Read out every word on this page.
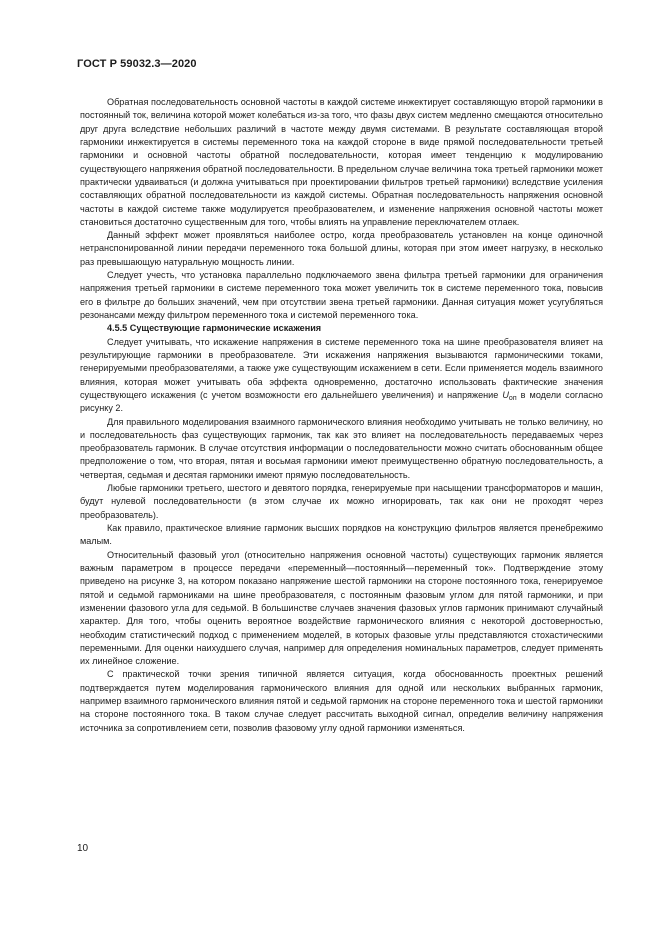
ГОСТ Р 59032.3—2020

Обратная последовательность основной частоты в каждой системе инжектирует составляющую второй гармоники в постоянный ток, величина которой может колебаться из-за того, что фазы двух систем медленно смещаются относительно друг друга вследствие небольших различий в частоте между двумя системами. В результате составляющая второй гармоники инжектируется в системы переменного тока на каждой стороне в виде прямой последовательности третьей гармоники и основной частоты обратной последовательности, которая имеет тенденцию к модулированию существующего напряжения обратной последовательности. В предельном случае величина тока третьей гармоники может практически удваиваться (и должна учитываться при проектировании фильтров третьей гармоники) вследствие усиления составляющих обратной последовательности из каждой системы. Обратная последовательность напряжения основной частоты в каждой системе также модулируется преобразователем, и изменение напряжения основной частоты может становиться достаточно существенным для того, чтобы влиять на управление переключателем отлаек.

Данный эффект может проявляться наиболее остро, когда преобразователь установлен на конце одиночной нетранспонированной линии передачи переменного тока большой длины, которая при этом имеет нагрузку, в несколько раз превышающую натуральную мощность линии.

Следует учесть, что установка параллельно подключаемого звена фильтра третьей гармоники для ограничения напряжения третьей гармоники в системе переменного тока может увеличить ток в системе переменного тока, повысив его в фильтре до больших значений, чем при отсутствии звена третьей гармоники. Данная ситуация может усугубляться резонансами между фильтром переменного тока и системой переменного тока.

4.5.5 Существующие гармонические искажения

Следует учитывать, что искажение напряжения в системе переменного тока на шине преобразователя влияет на результирующие гармоники в преобразователе. Эти искажения напряжения вызываются гармоническими токами, генерируемыми преобразователями, а также уже существующим искажением в сети. Если применяется модель взаимного влияния, которая может учитывать оба эффекта одновременно, достаточно использовать фактические значения существующего искажения (с учетом возможности его дальнейшего увеличения) и напряжение $U_{оп}$ в модели согласно рисунку 2.

Для правильного моделирования взаимного гармонического влияния необходимо учитывать не только величину, но и последовательность фаз существующих гармоник, так как это влияет на последовательность передаваемых через преобразователь гармоник. В случае отсутствия информации о последовательности можно считать обоснованным общее предположение о том, что вторая, пятая и восьмая гармоники имеют преимущественно обратную последовательность, а четвертая, седьмая и десятая гармоники имеют прямую последовательность.

Любые гармоники третьего, шестого и девятого порядка, генерируемые при насыщении трансформаторов и машин, будут нулевой последовательности (в этом случае их можно игнорировать, так как они не проходят через преобразователь).

Как правило, практическое влияние гармоник высших порядков на конструкцию фильтров является пренебрежимо малым.

Относительный фазовый угол (относительно напряжения основной частоты) существующих гармоник является важным параметром в процессе передачи «переменный—постоянный—переменный ток». Подтверждение этому приведено на рисунке 3, на котором показано напряжение шестой гармоники на стороне постоянного тока, генерируемое пятой и седьмой гармониками на шине преобразователя, с постоянным фазовым углом для пятой гармоники, и при изменении фазового угла для седьмой. В большинстве случаев значения фазовых углов гармоник принимают случайный характер. Для того, чтобы оценить вероятное воздействие гармонического влияния с некоторой достоверностью, необходим статистический подход с применением моделей, в которых фазовые углы представляются стохастическими переменными. Для оценки наихудшего случая, например для определения номинальных параметров, следует применять их линейное сложение.

С практической точки зрения типичной является ситуация, когда обоснованность проектных решений подтверждается путем моделирования гармонического влияния для одной или нескольких выбранных гармоник, например взаимного гармонического влияния пятой и седьмой гармоник на стороне переменного тока и шестой гармоники на стороне постоянного тока. В таком случае следует рассчитать выходной сигнал, определив величину напряжения источника за сопротивлением сети, позволив фазовому углу одной гармоники изменяться.

10
